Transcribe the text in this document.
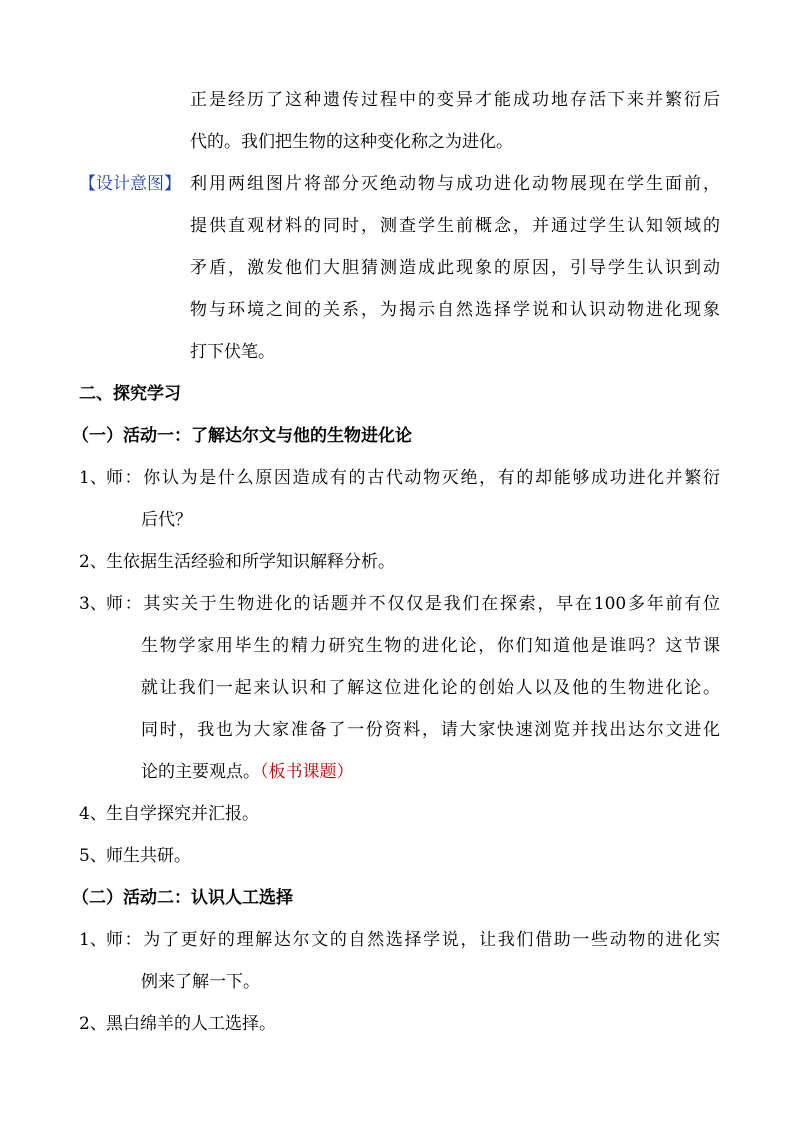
正是经历了这种遗传过程中的变异才能成功地存活下来并繁衍后
代的。我们把生物的这种变化称之为进化。
【设计意图】 利用两组图片将部分灭绝动物与成功进化动物展现在学生面前，
提供直观材料的同时，测查学生前概念，并通过学生认知领域的
矛盾，激发他们大胆猜测造成此现象的原因，引导学生认识到动
物与环境之间的关系，为揭示自然选择学说和认识动物进化现象
打下伏笔。
二、探究学习
（一）活动一：了解达尔文与他的生物进化论
1、 师：你认为是什么原因造成有的古代动物灭绝，有的却能够成功进化并繁衍
后代？
2、 生依据生活经验和所学知识解释分析。
3、 师：其实关于生物进化的话题并不仅仅是我们在探索，早在100多年前有位
生物学家用毕生的精力研究生物的进化论，你们知道他是谁吗？这节课
就让我们一起来认识和了解这位进化论的创始人以及他的生物进化论。
同时，我也为大家准备了一份资料，请大家快速浏览并找出达尔文进化
论的主要观点。（板书课题）
4、 生自学探究并汇报。
5、 师生共研。
（二）活动二：认识人工选择
1、 师：为了更好的理解达尔文的自然选择学说，让我们借助一些动物的进化实
例来了解一下。
2、 黑白绵羊的人工选择。
